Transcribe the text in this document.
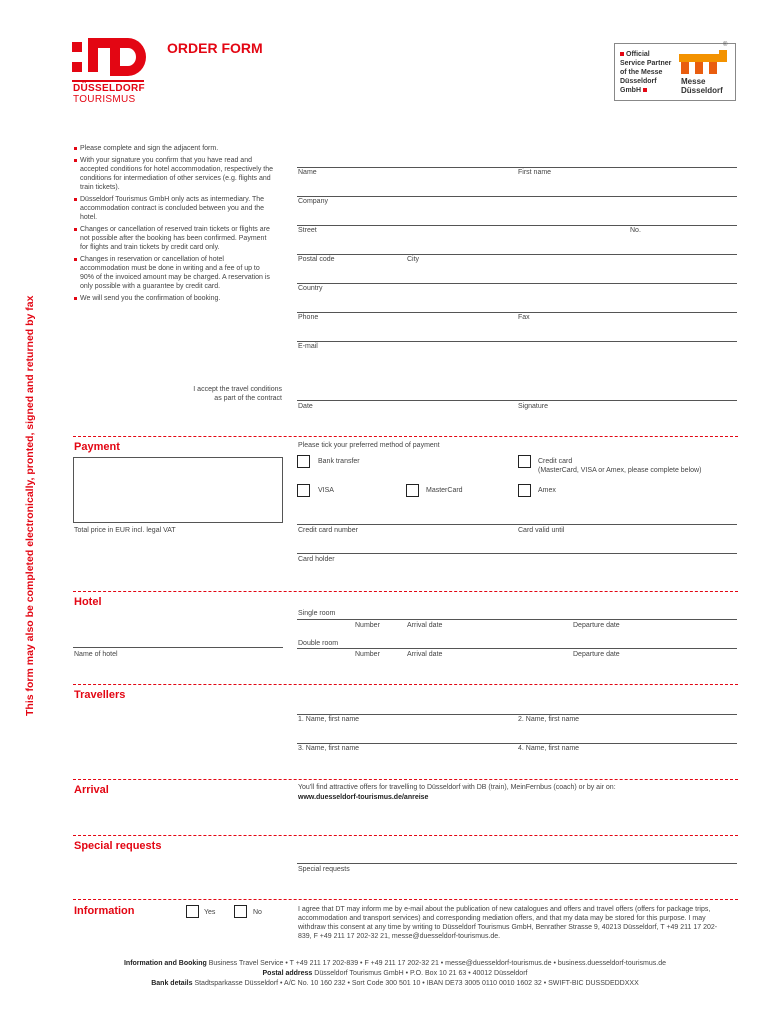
DÜSSELDORF
TOURISMUS
ORDER FORM	Official
Service Partner
of the Messe
Düsseldorf
GmbH
®
Messe
Düsseldorf
This form may also be completed electronically, pronted, signed and returned by fax
Please complete and sign the adjacent form.
With your signature you confirm that you have read and accepted conditions for hotel accommodation, respectively the conditions for intermediation of other services (e.g. flights and train tickets).
Düsseldorf Tourismus GmbH only acts as intermediary. The accommodation contract is concluded between you and the hotel.
Changes or cancellation of reserved train tickets or flights are not possible after the booking has been confirmed. Payment for flights and train tickets by credit card only.
Changes in reservation or cancellation of hotel accommodation must be done in writing and a fee of up to 90% of the invoiced amount may be charged. A reservation is only possible with a guarantee by credit card.
We will send you the confirmation of booking.
Name	First name
Company
Street	No.
Postal code	City
Country
Phone	Fax
E-mail
I accept the travel conditions
as part of the contract
Date	Signature
Payment	Please tick your preferred method of payment
Total price in EUR incl. legal VAT
Bank transfer	Credit card
(MasterCard, VISA or Amex, please complete below)
VISA	MasterCard	Amex
Credit card number	Card valid until
Card holder
Hotel
Name of hotel
Single room
Number	Arrival date	Departure date
Double room
Number	Arrival date	Departure date
Travellers
1. Name, first name	2. Name, first name
3. Name, first name	4. Name, first name
Arrival	You'll find attractive offers for travelling to Düsseldorf with DB (train), MeinFernbus (coach) or by air on:
www.duesseldorf-tourismus.de/anreise
Special requests
Special requests
Information	Yes	No	I agree that DT may inform me by e-mail about the publication of new catalogues and offers and travel offers (offers for package trips, accommodation and transport services) and corresponding mediation offers, and that my data may be stored for this purpose. I may withdraw this consent at any time by writing to Düsseldorf Tourismus GmbH, Benrather Strasse 9, 40213 Düsseldorf, T +49 211 17 202-839, F +49 211 17 202-32 21, messe@duesseldorf-tourismus.de.
Information and Booking Business Travel Service • T +49 211 17 202-839 • F +49 211 17 202-32 21 • messe@duesseldorf-tourismus.de • business.duesseldorf-tourismus.de
Postal address Düsseldorf Tourismus GmbH • P.O. Box 10 21 63 • 40012 Düsseldorf
Bank details Stadtsparkasse Düsseldorf • A/C No. 10 160 232 • Sort Code 300 501 10 • IBAN DE73 3005 0110 0010 1602 32 • SWIFT-BIC DUSSDEDDXXX
